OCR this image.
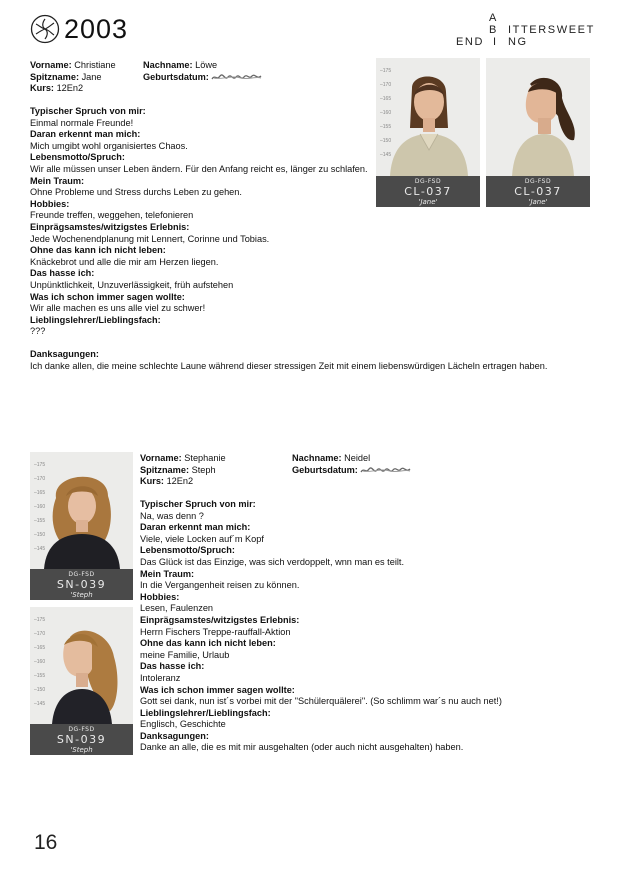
2003	A
B ITTERSWEET
END I NG
Vorname: Christiane	Nachname: Löwe
Spitzname: Jane	Geburtsdatum:
Kurs: 12En2

Typischer Spruch von mir:

Einmal normale Freunde!

Daran erkennt man mich:

Mich umgibt wohl organisiertes Chaos.

Lebensmotto/Spruch:

Wir alle müssen unser Leben ändern. Für den Anfang reicht es, länger zu schlafen.

Mein Traum:

Ohne Probleme und Stress durchs Leben zu gehen.

Hobbies:

Freunde treffen, weggehen, telefonieren

Einprägsamstes/witzigstes Erlebnis:

Jede Wochenendplanung mit Lennert, Corinne und Tobias.

Ohne das kann ich nicht leben:

Knäckebrot und alle die mir am Herzen liegen.

Das hasse ich:

Unpünktlichkeit, Unzuverlässigkeit, früh aufstehen

Was ich schon immer sagen wollte:

Wir alle machen es uns alle viel zu schwer!

Lieblingslehrer/Lieblingsfach:

???

Danksagungen:

Ich danke allen, die meine schlechte Laune während dieser stressigen Zeit mit einem liebenswürdigen Lächeln ertragen haben.

–175
–170
–165
–160
–155
–150
–145
DG-FSD
CL-037
'Jane'
DG-FSD
CL-037
'Jane'
–175
–170
–165
–160
–155
–150
–145
DG-FSD
SN-039
'Steph
–175
–170
–165
–160
–155
–150
–145
DG-FSD
SN-039
'Steph
Vorname: Stephanie	Nachname: Neidel
Spitzname: Steph	Geburtsdatum:
Kurs: 12En2

Typischer Spruch von mir:

Na, was denn ?

Daran erkennt man mich:

Viele, viele Locken auf´m Kopf

Lebensmotto/Spruch:

Das Glück ist das Einzige, was sich verdoppelt, wnn man es teilt.

Mein Traum:

In die Vergangenheit reisen zu können.

Hobbies:

Lesen, Faulenzen

Einprägsamstes/witzigstes Erlebnis:

Herrn Fischers Treppe-rauffall-Aktion

Ohne das kann ich nicht leben:

meine Familie, Urlaub

Das hasse ich:

Intoleranz

Was ich schon immer sagen wollte:

Gott sei dank, nun ist´s vorbei mit der "Schülerquälerei". (So schlimm war´s nu auch net!)

Lieblingslehrer/Lieblingsfach:

Englisch, Geschichte

Danksagungen:

Danke an alle, die es mit mir ausgehalten (oder auch nicht ausgehalten) haben.

16
